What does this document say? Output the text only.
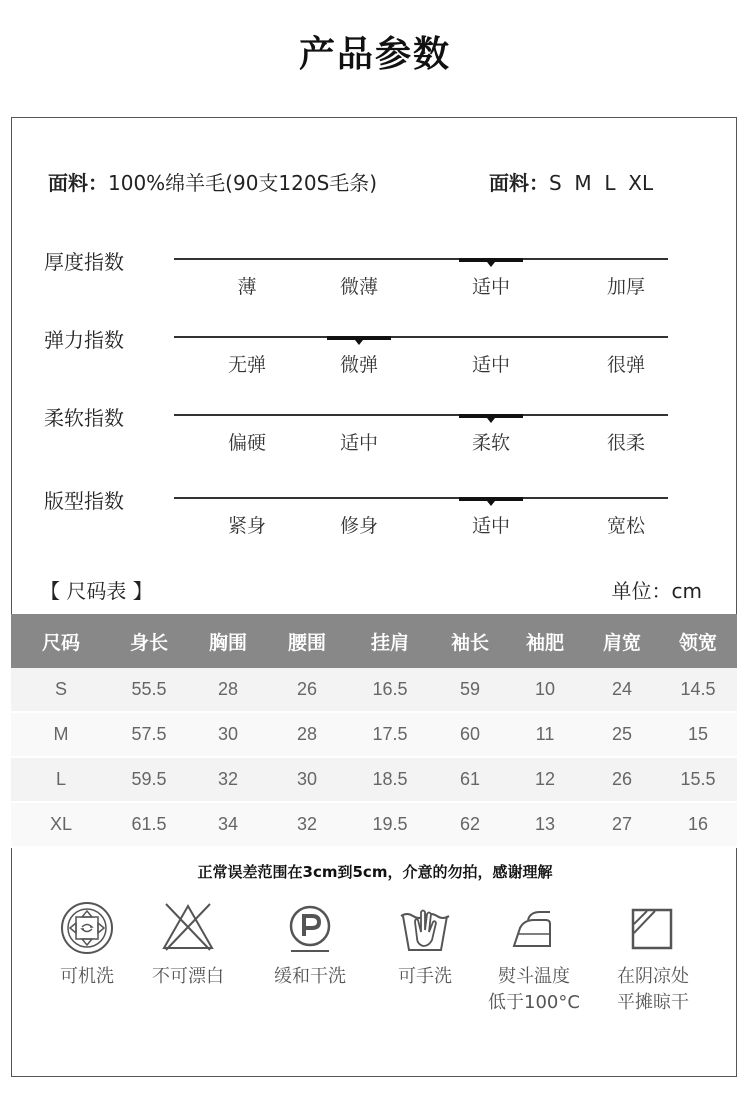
产品参数
面料：100%绵羊毛(90支120S毛条)	面料：S  M  L  XL
厚度指数
薄	微薄	适中	加厚
弹力指数
无弹	微弹	适中	很弹
柔软指数
偏硬	适中	柔软	很柔
版型指数
紧身	修身	适中	宽松
【 尺码表 】	单位：cm
尺码	身长	胸围	腰围	挂肩	袖长	袖肥	肩宽	领宽
S	55.5	28	26	16.5	59	10	24	14.5
M	57.5	30	28	17.5	60	11	25	15
L	59.5	32	30	18.5	61	12	26	15.5
XL	61.5	34	32	19.5	62	13	27	16
正常误差范围在3cm到5cm，介意的勿拍，感谢理解
可机洗	不可漂白	缓和干洗	可手洗	熨斗温度
低于100°C
在阴凉处
平摊晾干
